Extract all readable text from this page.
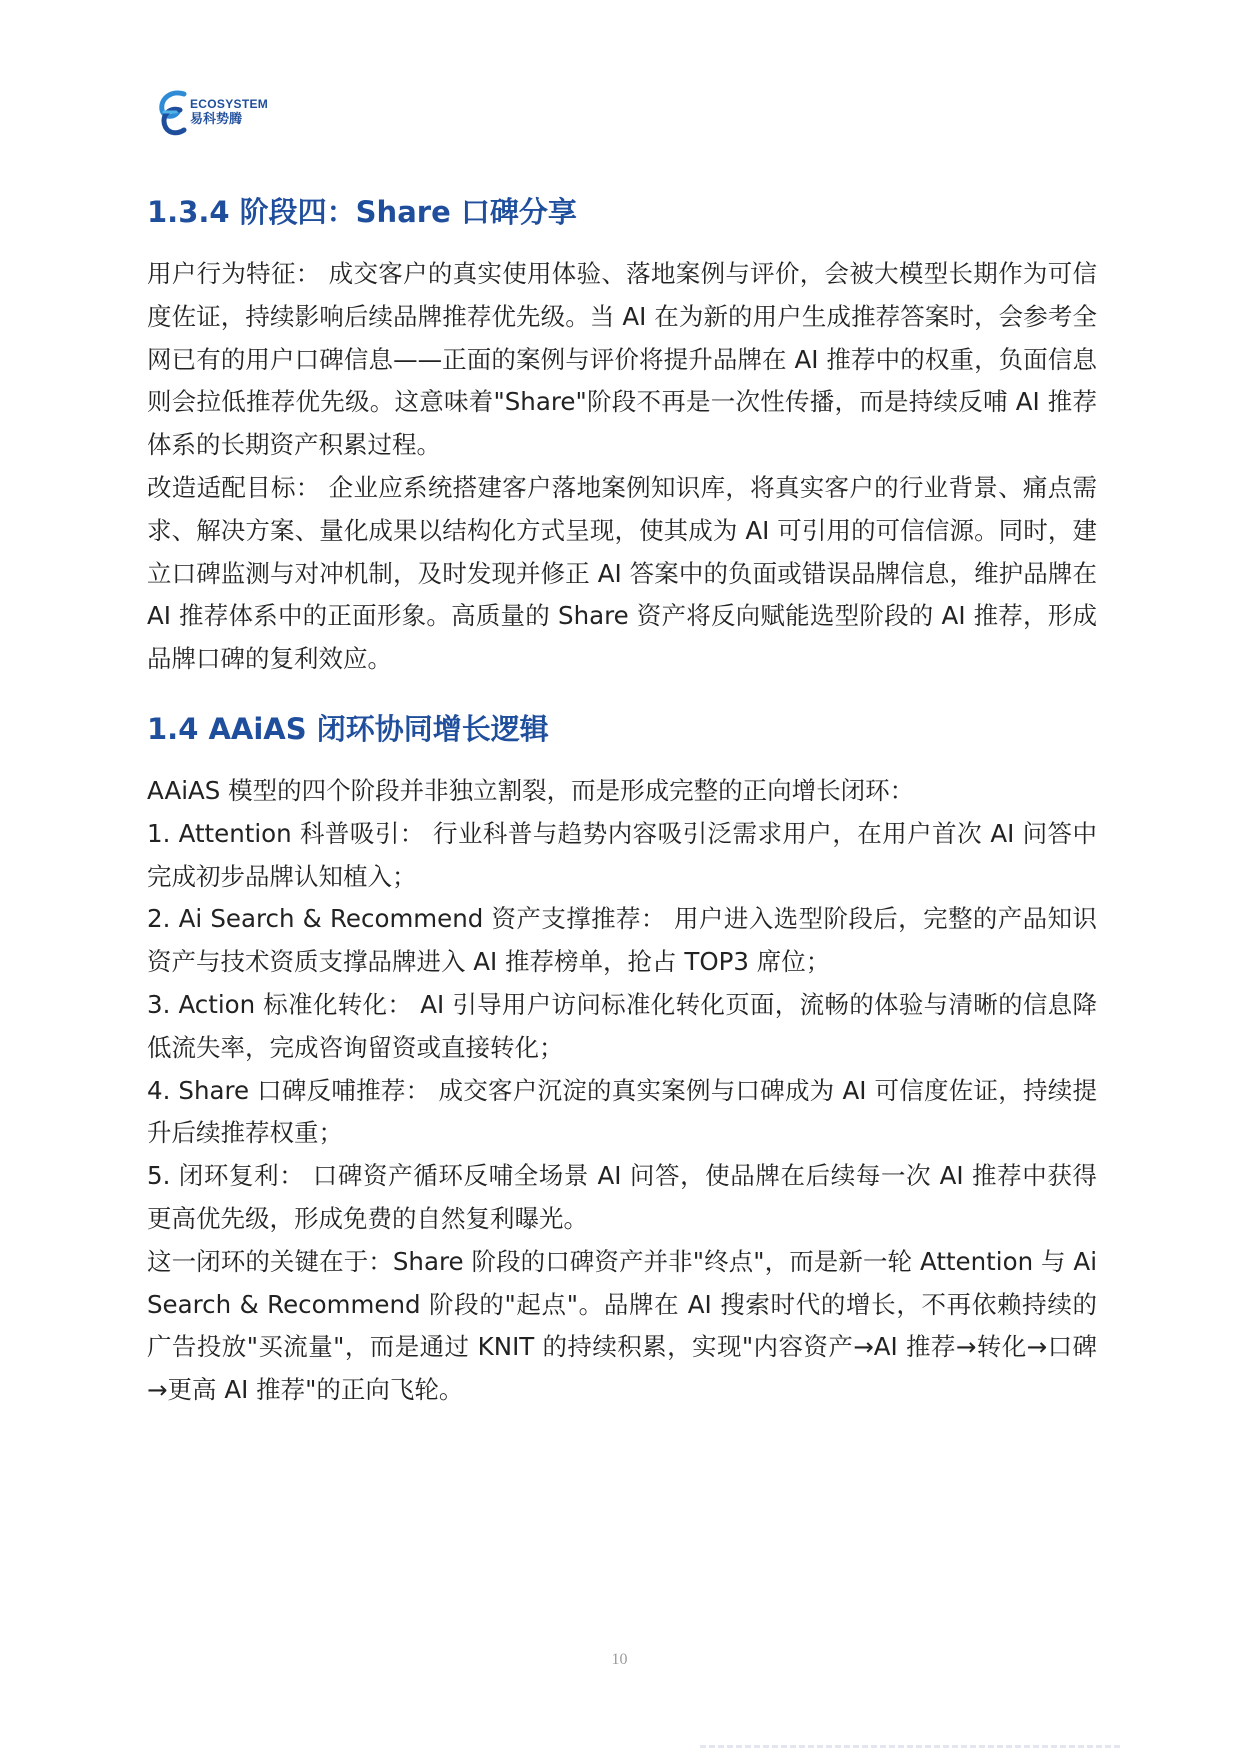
ECOSYSTEM
易科势腾
1.3.4 阶段四：Share 口碑分享

用户行为特征： 成交客户的真实使用体验、落地案例与评价，会被大模型长期作为可信度佐证，持续影响后续品牌推荐优先级。当 AI 在为新的用户生成推荐答案时，会参考全网已有的用户口碑信息——正面的案例与评价将提升品牌在 AI 推荐中的权重，负面信息则会拉低推荐优先级。这意味着"Share"阶段不再是一次性传播，而是持续反哺 AI 推荐体系的长期资产积累过程。

改造适配目标： 企业应系统搭建客户落地案例知识库，将真实客户的行业背景、痛点需求、解决方案、量化成果以结构化方式呈现，使其成为 AI 可引用的可信信源。同时，建立口碑监测与对冲机制，及时发现并修正 AI 答案中的负面或错误品牌信息，维护品牌在 AI 推荐体系中的正面形象。高质量的 Share 资产将反向赋能选型阶段的 AI 推荐，形成品牌口碑的复利效应。

1.4 AAiAS 闭环协同增长逻辑

AAiAS 模型的四个阶段并非独立割裂，而是形成完整的正向增长闭环：

1. Attention 科普吸引： 行业科普与趋势内容吸引泛需求用户，在用户首次 AI 问答中完成初步品牌认知植入；

2. Ai Search & Recommend 资产支撑推荐： 用户进入选型阶段后，完整的产品知识资产与技术资质支撑品牌进入 AI 推荐榜单，抢占 TOP3 席位；

3. Action 标准化转化： AI 引导用户访问标准化转化页面，流畅的体验与清晰的信息降低流失率，完成咨询留资或直接转化；

4. Share 口碑反哺推荐： 成交客户沉淀的真实案例与口碑成为 AI 可信度佐证，持续提升后续推荐权重；

5. 闭环复利： 口碑资产循环反哺全场景 AI 问答，使品牌在后续每一次 AI 推荐中获得更高优先级，形成免费的自然复利曝光。

这一闭环的关键在于：Share 阶段的口碑资产并非"终点"，而是新一轮 Attention 与 Ai Search & Recommend 阶段的"起点"。品牌在 AI 搜索时代的增长，不再依赖持续的广告投放"买流量"，而是通过 KNIT 的持续积累，实现"内容资产→AI 推荐→转化→口碑→更高 AI 推荐"的正向飞轮。

10
